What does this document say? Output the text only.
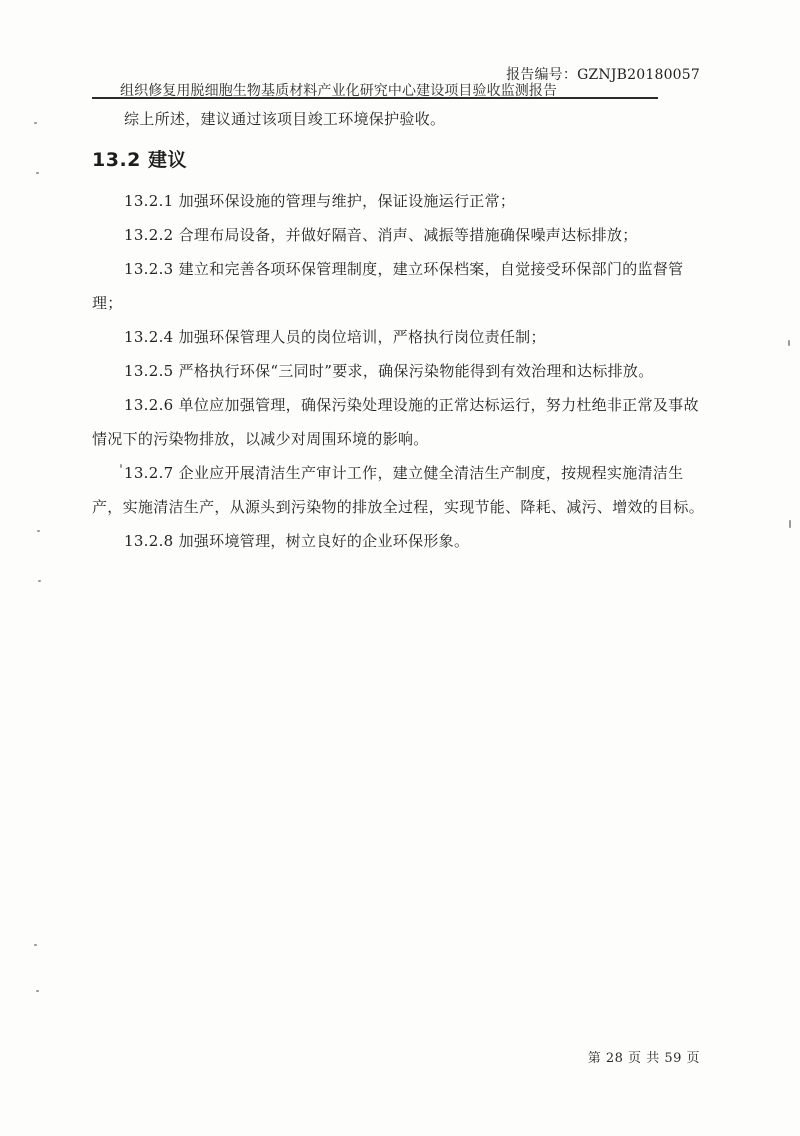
报告编号：GZNJB20180057
组织修复用脱细胞生物基质材料产业化研究中心建设项目验收监测报告

综上所述，建议通过该项目竣工环境保护验收。

13.2 建议

13.2.1 加强环保设施的管理与维护，保证设施运行正常；

13.2.2 合理布局设备，并做好隔音、消声、减振等措施确保噪声达标排放；

13.2.3 建立和完善各项环保管理制度，建立环保档案，自觉接受环保部门的监督管理；

13.2.4 加强环保管理人员的岗位培训，严格执行岗位责任制；

13.2.5 严格执行环保“三同时”要求，确保污染物能得到有效治理和达标排放。

13.2.6 单位应加强管理，确保污染处理设施的正常达标运行，努力杜绝非正常及事故情况下的污染物排放，以减少对周围环境的影响。

13.2.7 企业应开展清洁生产审计工作，建立健全清洁生产制度，按规程实施清洁生产，实施清洁生产，从源头到污染物的排放全过程，实现节能、降耗、减污、增效的目标。

13.2.8 加强环境管理，树立良好的企业环保形象。

第 28 页 共 59 页
